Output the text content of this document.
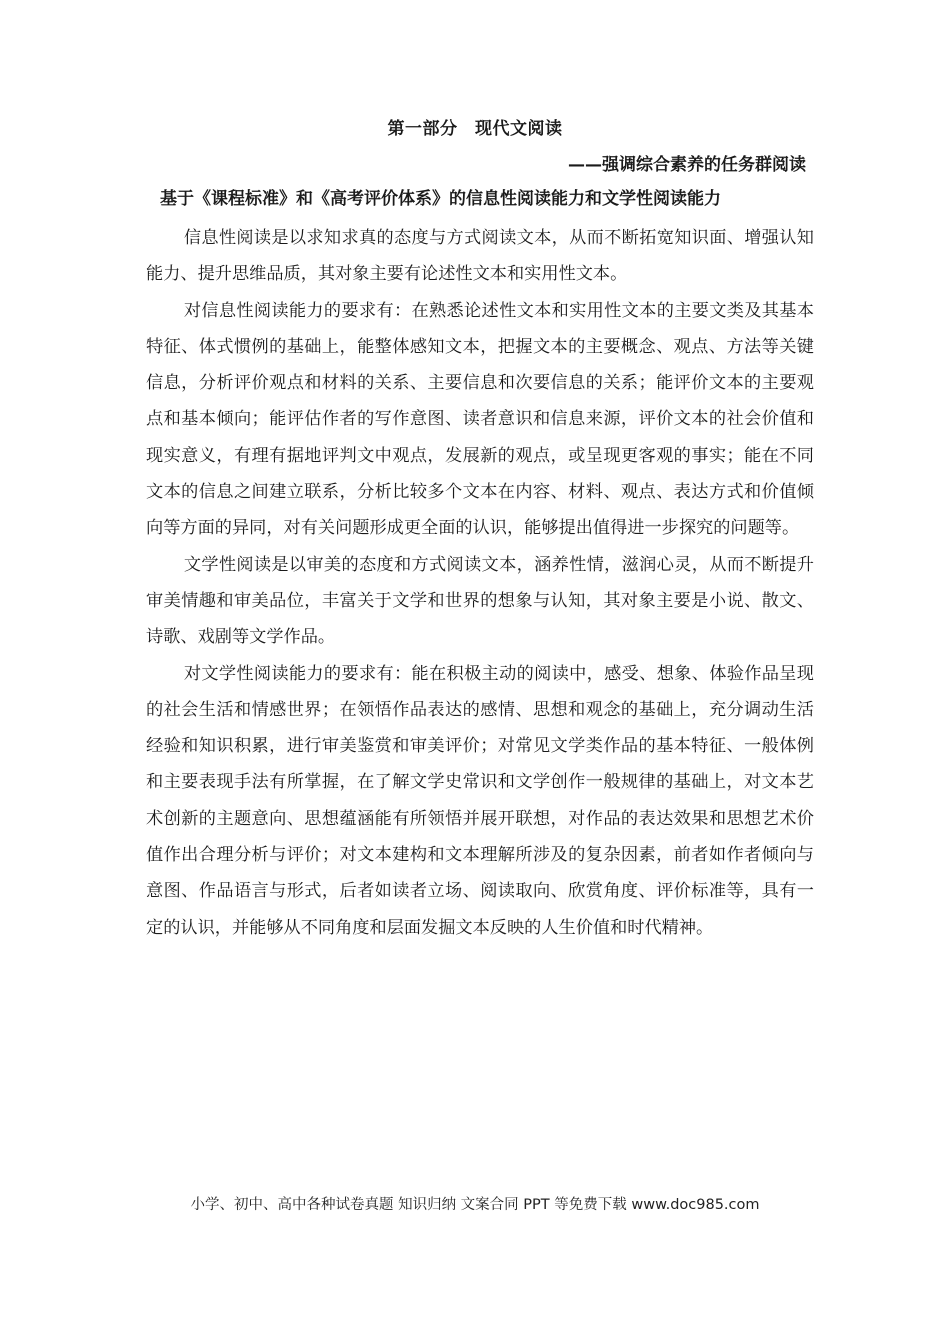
第一部分　现代文阅读
——强调综合素养的任务群阅读
基于《课程标准》和《高考评价体系》的信息性阅读能力和文学性阅读能力

信息性阅读是以求知求真的态度与方式阅读文本，从而不断拓宽知识面、增强认知能力、提升思维品质，其对象主要有论述性文本和实用性文本。

对信息性阅读能力的要求有：在熟悉论述性文本和实用性文本的主要文类及其基本特征、体式惯例的基础上，能整体感知文本，把握文本的主要概念、观点、方法等关键信息，分析评价观点和材料的关系、主要信息和次要信息的关系；能评价文本的主要观点和基本倾向；能评估作者的写作意图、读者意识和信息来源，评价文本的社会价值和现实意义，有理有据地评判文中观点，发展新的观点，或呈现更客观的事实；能在不同文本的信息之间建立联系，分析比较多个文本在内容、材料、观点、表达方式和价值倾向等方面的异同，对有关问题形成更全面的认识，能够提出值得进一步探究的问题等。

文学性阅读是以审美的态度和方式阅读文本，涵养性情，滋润心灵，从而不断提升审美情趣和审美品位，丰富关于文学和世界的想象与认知，其对象主要是小说、散文、诗歌、戏剧等文学作品。

对文学性阅读能力的要求有：能在积极主动的阅读中，感受、想象、体验作品呈现的社会生活和情感世界；在领悟作品表达的感情、思想和观念的基础上，充分调动生活经验和知识积累，进行审美鉴赏和审美评价；对常见文学类作品的基本特征、一般体例和主要表现手法有所掌握，在了解文学史常识和文学创作一般规律的基础上，对文本艺术创新的主题意向、思想蕴涵能有所领悟并展开联想，对作品的表达效果和思想艺术价值作出合理分析与评价；对文本建构和文本理解所涉及的复杂因素，前者如作者倾向与意图、作品语言与形式，后者如读者立场、阅读取向、欣赏角度、评价标准等，具有一定的认识，并能够从不同角度和层面发掘文本反映的人生价值和时代精神。

小学、初中、高中各种试卷真题 知识归纳 文案合同 PPT 等免费下载 www.doc985.com
